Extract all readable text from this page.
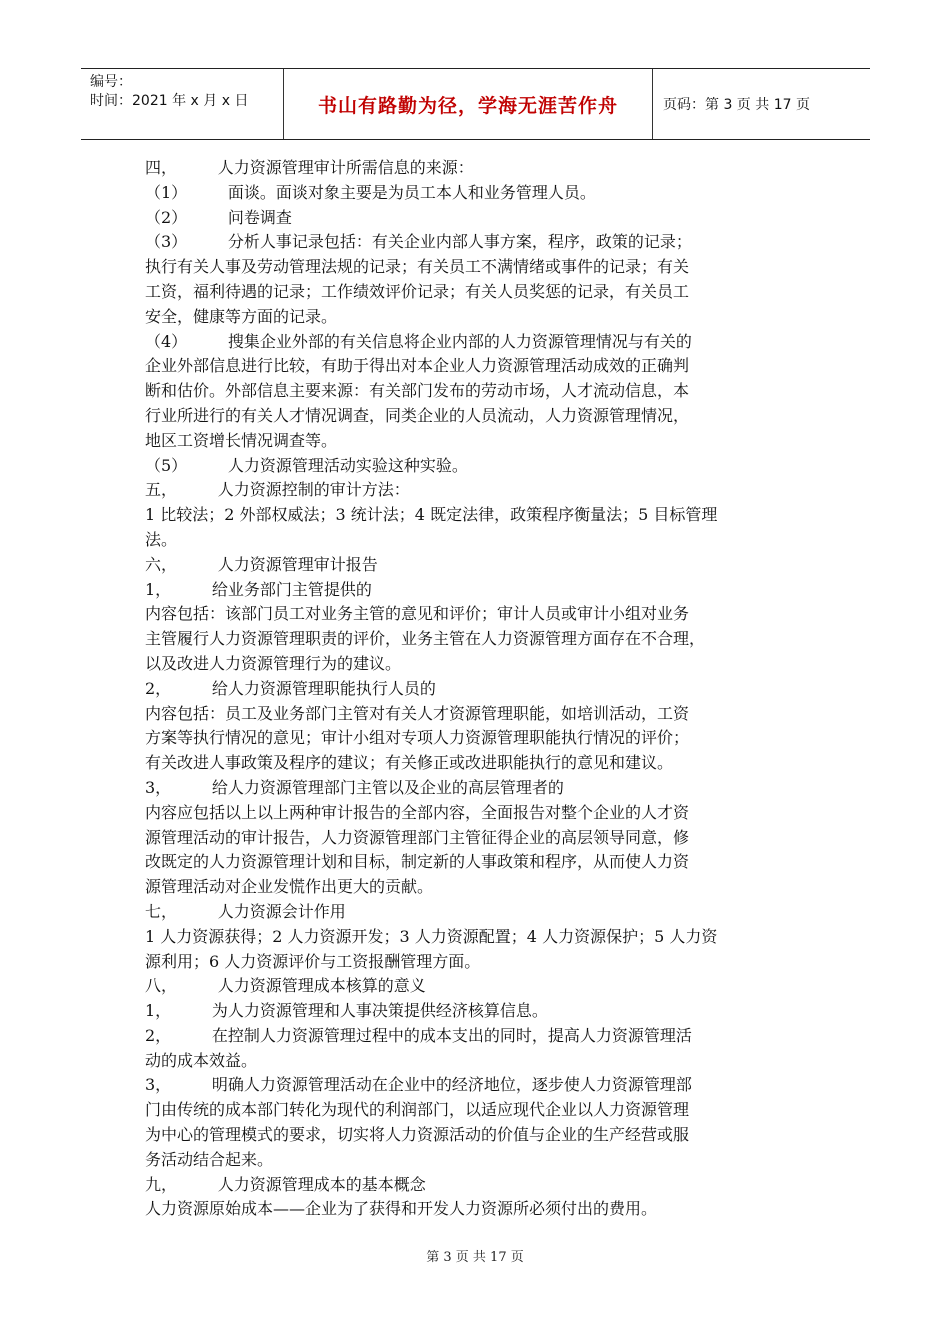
编号：
时间：2021 年 x 月 x 日	书山有路勤为径，学海无涯苦作舟	页码：第 3 页 共 17 页

四，        人力资源管理审计所需信息的来源：

（1）        面谈。面谈对象主要是为员工本人和业务管理人员。

（2）        问卷调查

（3）        分析人事记录包括：有关企业内部人事方案，程序，政策的记录；

执行有关人事及劳动管理法规的记录；有关员工不满情绪或事件的记录；有关

工资，福利待遇的记录；工作绩效评价记录；有关人员奖惩的记录，有关员工

安全，健康等方面的记录。

（4）        搜集企业外部的有关信息将企业内部的人力资源管理情况与有关的

企业外部信息进行比较，有助于得出对本企业人力资源管理活动成效的正确判

断和估价。外部信息主要来源：有关部门发布的劳动市场，人才流动信息，本

行业所进行的有关人才情况调查，同类企业的人员流动，人力资源管理情况，

地区工资增长情况调查等。

（5）        人力资源管理活动实验这种实验。

五，        人力资源控制的审计方法：

1 比较法；2 外部权威法；3 统计法；4 既定法律，政策程序衡量法；5 目标管理

法。

六，        人力资源管理审计报告

1，        给业务部门主管提供的

内容包括：该部门员工对业务主管的意见和评价；审计人员或审计小组对业务

主管履行人力资源管理职责的评价，业务主管在人力资源管理方面存在不合理，

以及改进人力资源管理行为的建议。

2，        给人力资源管理职能执行人员的

内容包括：员工及业务部门主管对有关人才资源管理职能，如培训活动，工资

方案等执行情况的意见；审计小组对专项人力资源管理职能执行情况的评价；

有关改进人事政策及程序的建议；有关修正或改进职能执行的意见和建议。

3，        给人力资源管理部门主管以及企业的高层管理者的

内容应包括以上以上两种审计报告的全部内容，全面报告对整个企业的人才资

源管理活动的审计报告，人力资源管理部门主管征得企业的高层领导同意，修

改既定的人力资源管理计划和目标，制定新的人事政策和程序，从而使人力资

源管理活动对企业发慌作出更大的贡献。

七，        人力资源会计作用

1 人力资源获得；2 人力资源开发；3 人力资源配置；4 人力资源保护；5 人力资

源利用；6 人力资源评价与工资报酬管理方面。

八，        人力资源管理成本核算的意义

1，        为人力资源管理和人事决策提供经济核算信息。

2，        在控制人力资源管理过程中的成本支出的同时，提高人力资源管理活

动的成本效益。

3，        明确人力资源管理活动在企业中的经济地位，逐步使人力资源管理部

门由传统的成本部门转化为现代的利润部门，以适应现代企业以人力资源管理

为中心的管理模式的要求，切实将人力资源活动的价值与企业的生产经营或服

务活动结合起来。

九，        人力资源管理成本的基本概念

人力资源原始成本——企业为了获得和开发人力资源所必须付出的费用。

第 3 页 共 17 页
